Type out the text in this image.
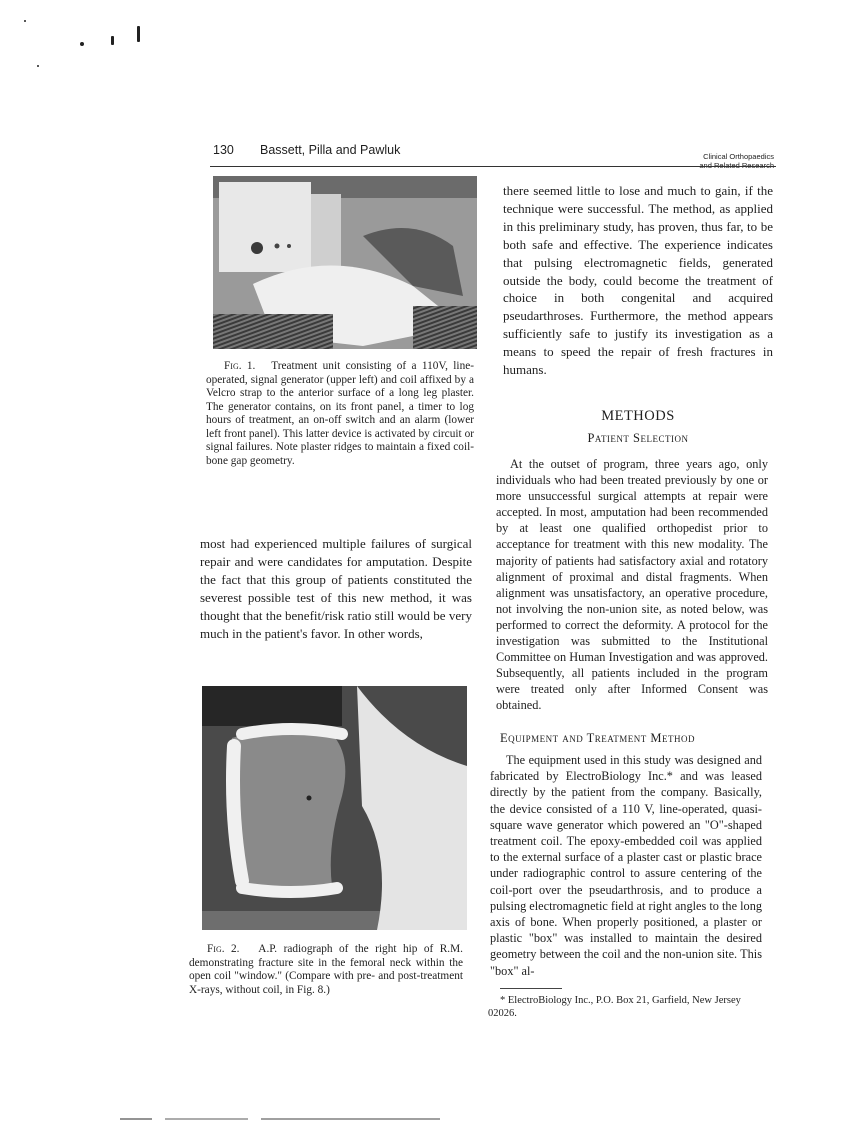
130 Bassett, Pilla and Pawluk	Clinical Orthopaedics
Fig. 1. Treatment unit consisting of a 110V, line-operated, signal generator (upper left) and coil affixed by a Velcro strap to the anterior surface of a long leg plaster. The generator contains, on its front panel, a timer to log hours of treatment, an on-off switch and an alarm (lower left front panel). This latter device is activated by circuit or signal failures. Note plaster ridges to maintain a fixed coil-bone gap geometry.

most had experienced multiple failures of surgical repair and were candidates for amputation. Despite the fact that this group of patients constituted the severest possible test of this new method, it was thought that the benefit/risk ratio still would be very much in the patient's favor. In other words,

Fig. 2. A.P. radiograph of the right hip of R.M. demonstrating fracture site in the femoral neck within the open coil "window." (Compare with pre- and post-treatment X-rays, without coil, in Fig. 8.)

there seemed little to lose and much to gain, if the technique were successful. The method, as applied in this preliminary study, has proven, thus far, to be both safe and effective. The experience indicates that pulsing electromagnetic fields, generated outside the body, could become the treatment of choice in both congenital and acquired pseudarthroses. Furthermore, the method appears sufficiently safe to justify its investigation as a means to speed the repair of fresh fractures in humans.

METHODS
Patient Selection

At the outset of program, three years ago, only individuals who had been treated previously by one or more unsuccessful surgical attempts at repair were accepted. In most, amputation had been recommended by at least one qualified orthopedist prior to acceptance for treatment with this new modality. The majority of patients had satisfactory axial and rotatory alignment of proximal and distal fragments. When alignment was unsatisfactory, an operative procedure, not involving the non-union site, as noted below, was performed to correct the deformity. A protocol for the investigation was submitted to the Institutional Committee on Human Investigation and was approved. Subsequently, all patients included in the program were treated only after Informed Consent was obtained.

Equipment and Treatment Method

The equipment used in this study was designed and fabricated by ElectroBiology Inc.* and was leased directly by the patient from the company. Basically, the device consisted of a 110 V, line-operated, quasi-square wave generator which powered an "O"-shaped treatment coil. The epoxy-embedded coil was applied to the external surface of a plaster cast or plastic brace under radiographic control to assure centering of the coil-port over the pseudarthrosis, and to produce a pulsing electromagnetic field at right angles to the long axis of bone. When properly positioned, a plaster or plastic "box" was installed to maintain the desired geometry between the coil and the non-union site. This "box" al-

* ElectroBiology Inc., P.O. Box 21, Garfield, New Jersey 02026.
